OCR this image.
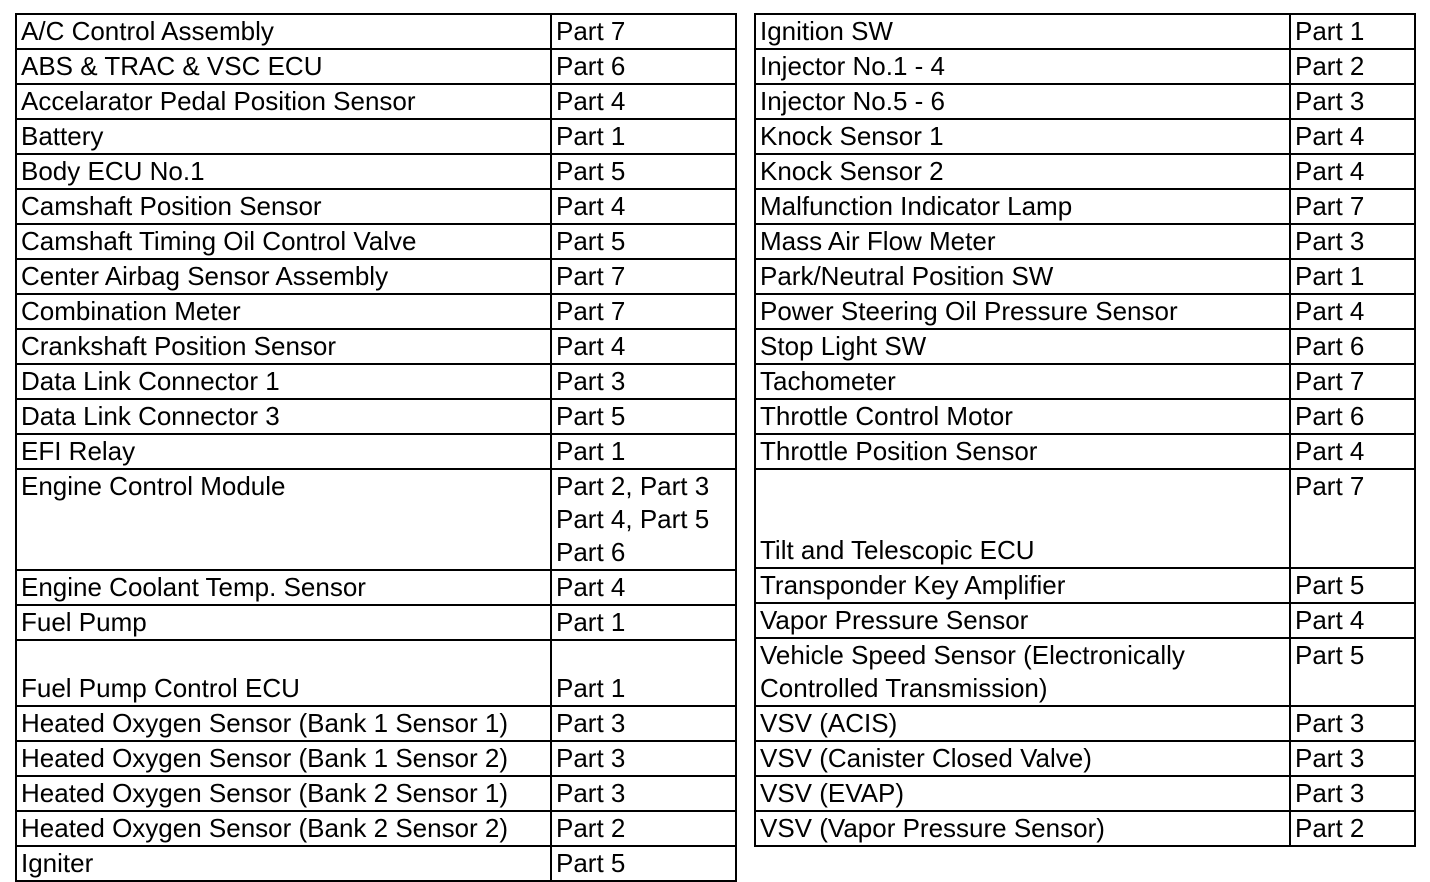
A/C Control Assembly	Part 7

ABS & TRAC & VSC ECU	Part 6

Accelarator Pedal Position Sensor	Part 4

Battery	Part 1

Body ECU No.1	Part 5

Camshaft Position Sensor	Part 4

Camshaft Timing Oil Control Valve	Part 5

Center Airbag Sensor Assembly	Part 7

Combination Meter	Part 7

Crankshaft Position Sensor	Part 4

Data Link Connector 1	Part 3

Data Link Connector 3	Part 5

EFI Relay	Part 1

Engine Control Module	Part 2, Part 3
Part 4, Part 5
Part 6

Engine Coolant Temp. Sensor	Part 4

Fuel Pump	Part 1

Fuel Pump Control ECU	Part 1

Heated Oxygen Sensor (Bank 1 Sensor 1)	Part 3

Heated Oxygen Sensor (Bank 1 Sensor 2)	Part 3

Heated Oxygen Sensor (Bank 2 Sensor 1)	Part 3

Heated Oxygen Sensor (Bank 2 Sensor 2)	Part 2

Igniter	Part 5
Ignition SW	Part 1

Injector No.1 - 4	Part 2

Injector No.5 - 6	Part 3

Knock Sensor 1	Part 4

Knock Sensor 2	Part 4

Malfunction Indicator Lamp	Part 7

Mass Air Flow Meter	Part 3

Park/Neutral Position SW	Part 1

Power Steering Oil Pressure Sensor	Part 4

Stop Light SW	Part 6

Tachometer	Part 7

Throttle Control Motor	Part 6

Throttle Position Sensor	Part 4

Tilt and Telescopic ECU	Part 7

Transponder Key Amplifier	Part 5

Vapor Pressure Sensor	Part 4

Vehicle Speed Sensor (Electronically
Controlled Transmission)	Part 5

VSV (ACIS)	Part 3

VSV (Canister Closed Valve)	Part 3

VSV (EVAP)	Part 3

VSV (Vapor Pressure Sensor)	Part 2
